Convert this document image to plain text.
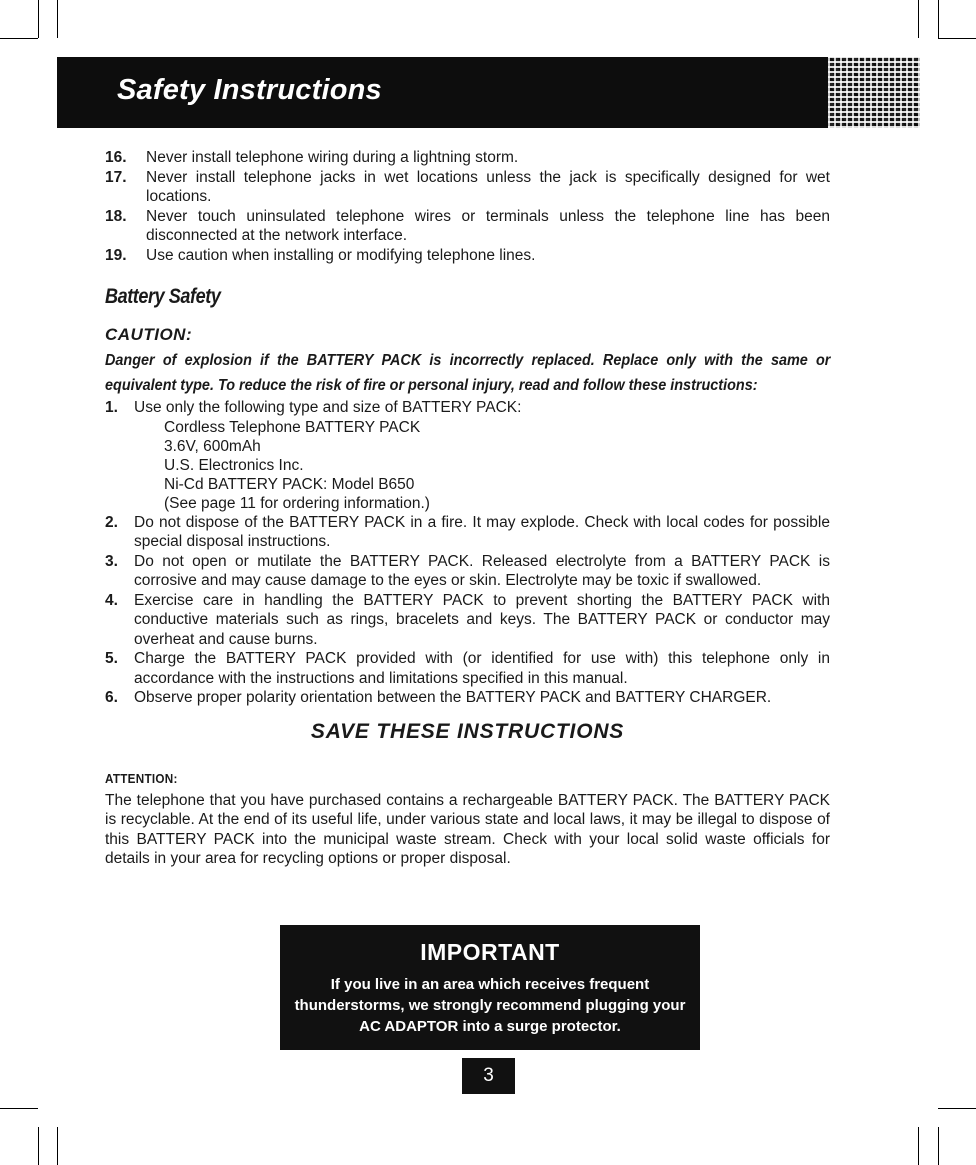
Safety Instructions
16. Never install telephone wiring during a lightning storm.
17. Never install telephone jacks in wet locations unless the jack is specifically designed for wet locations.
18. Never touch uninsulated telephone wires or terminals unless the telephone line has been disconnected at the network interface.
19. Use caution when installing or modifying telephone lines.
Battery Safety
CAUTION:
Danger of explosion if the BATTERY PACK is incorrectly replaced. Replace only with the same or equivalent type. To reduce the risk of fire or personal injury, read and follow these instructions:
1. Use only the following type and size of BATTERY PACK:
Cordless Telephone BATTERY PACK
3.6V, 600mAh
U.S. Electronics Inc.
Ni-Cd BATTERY PACK: Model B650
(See page 11 for ordering information.)
2. Do not dispose of the BATTERY PACK in a fire. It may explode. Check with local codes for possible special disposal instructions.
3. Do not open or mutilate the BATTERY PACK. Released electrolyte from a BATTERY PACK is corrosive and may cause damage to the eyes or skin. Electrolyte may be toxic if swallowed.
4. Exercise care in handling the BATTERY PACK to prevent shorting the BATTERY PACK with conductive materials such as rings, bracelets and keys. The BATTERY PACK or conductor may overheat and cause burns.
5. Charge the BATTERY PACK provided with (or identified for use with) this telephone only in accordance with the instructions and limitations specified in this manual.
6. Observe proper polarity orientation between the BATTERY PACK and BATTERY CHARGER.
SAVE THESE INSTRUCTIONS
ATTENTION:
The telephone that you have purchased contains a rechargeable BATTERY PACK. The BATTERY PACK is recyclable. At the end of its useful life, under various state and local laws, it may be illegal to dispose of this BATTERY PACK into the municipal waste stream. Check with your local solid waste officials for details in your area for recycling options or proper disposal.
IMPORTANT
If you live in an area which receives frequent thunderstorms, we strongly recommend plugging your AC ADAPTOR into a surge protector.
3
